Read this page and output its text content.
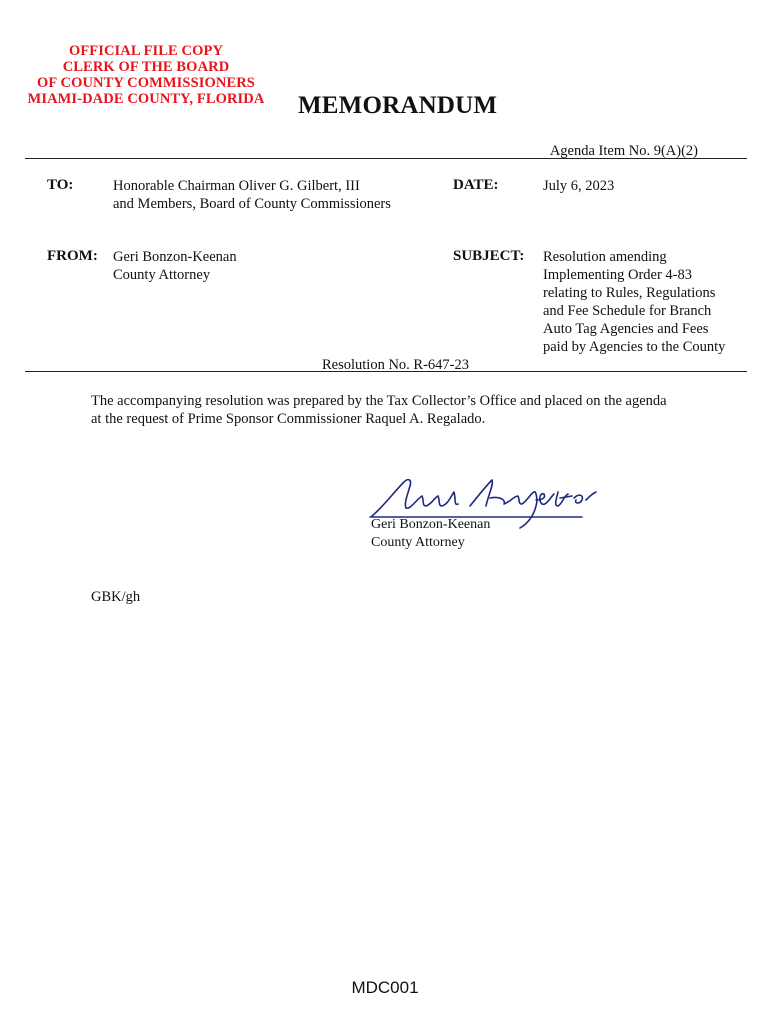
OFFICIAL FILE COPY
CLERK OF THE BOARD
OF COUNTY COMMISSIONERS
MIAMI-DADE COUNTY, FLORIDA	MEMORANDUM
Agenda Item No. 9(A)(2)
TO:	Honorable Chairman Oliver G. Gilbert, III
and Members, Board of County Commissioners
DATE:	July 6, 2023
FROM: Geri Bonzon-Keenan
County Attorney
SUBJECT: Resolution amending
Implementing Order 4-83
relating to Rules, Regulations
and Fee Schedule for Branch
Auto Tag Agencies and Fees
paid by Agencies to the County
Resolution No. R-647-23
The accompanying resolution was prepared by the Tax Collector’s Office and placed on the agenda
at the request of Prime Sponsor Commissioner Raquel A. Regalado.
Geri Bonzon-Keenan
County Attorney
GBK/gh
MDC001
